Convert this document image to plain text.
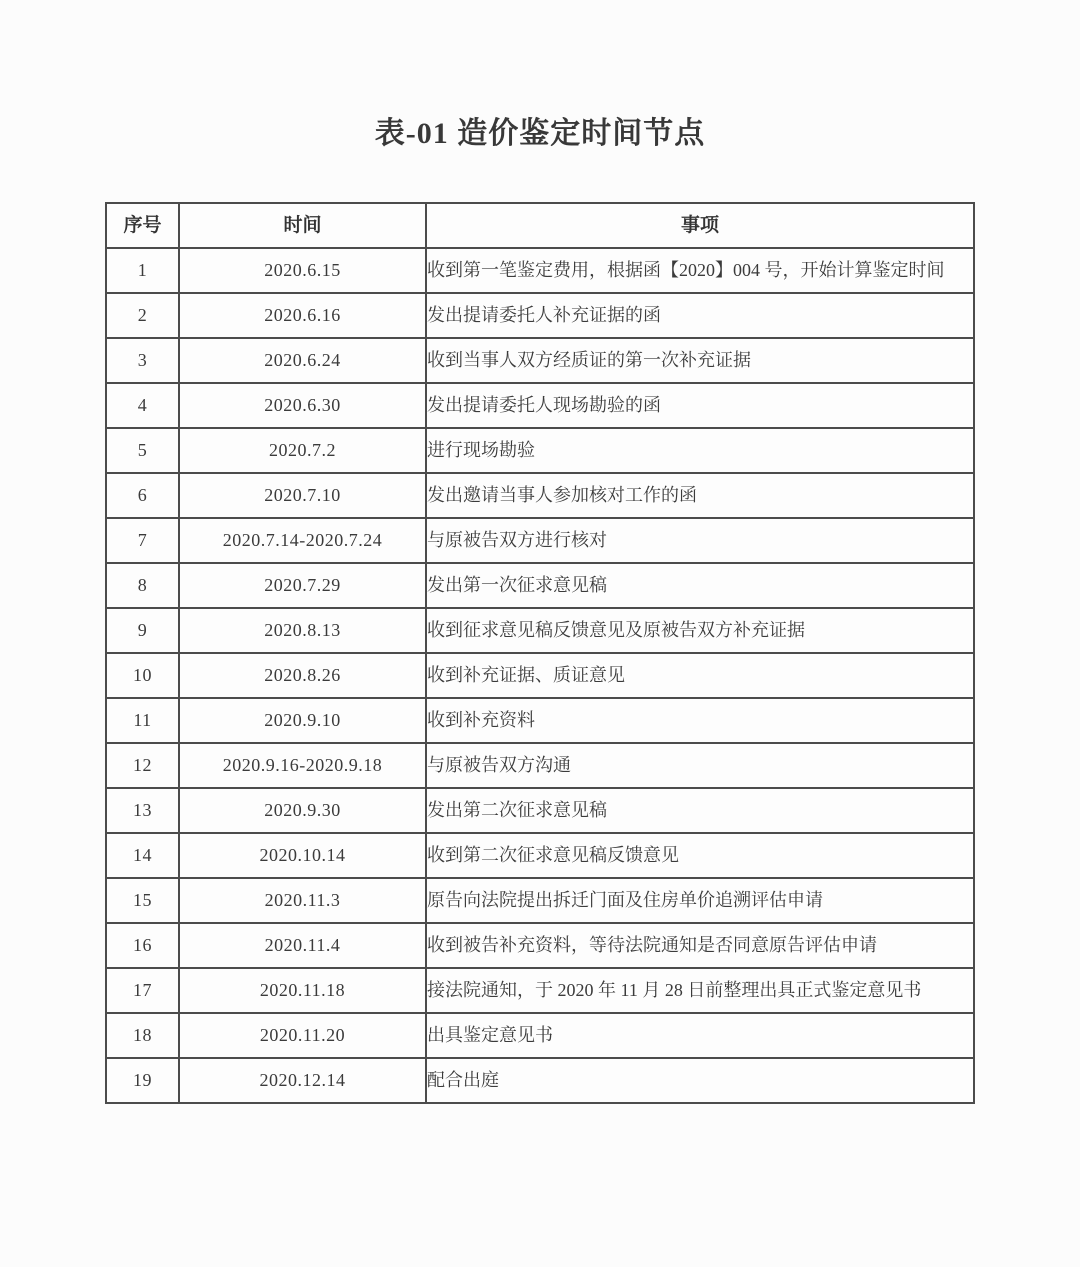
表-01 造价鉴定时间节点
序号	时间	事项
1	2020.6.15	收到第一笔鉴定费用，根据函【2020】004 号，开始计算鉴定时间
2	2020.6.16	发出提请委托人补充证据的函
3	2020.6.24	收到当事人双方经质证的第一次补充证据
4	2020.6.30	发出提请委托人现场勘验的函
5	2020.7.2	进行现场勘验
6	2020.7.10	发出邀请当事人参加核对工作的函
7	2020.7.14-2020.7.24	与原被告双方进行核对
8	2020.7.29	发出第一次征求意见稿
9	2020.8.13	收到征求意见稿反馈意见及原被告双方补充证据
10	2020.8.26	收到补充证据、质证意见
11	2020.9.10	收到补充资料
12	2020.9.16-2020.9.18	与原被告双方沟通
13	2020.9.30	发出第二次征求意见稿
14	2020.10.14	收到第二次征求意见稿反馈意见
15	2020.11.3	原告向法院提出拆迁门面及住房单价追溯评估申请
16	2020.11.4	收到被告补充资料，等待法院通知是否同意原告评估申请
17	2020.11.18	接法院通知，于 2020 年 11 月 28 日前整理出具正式鉴定意见书
18	2020.11.20	出具鉴定意见书
19	2020.12.14	配合出庭
